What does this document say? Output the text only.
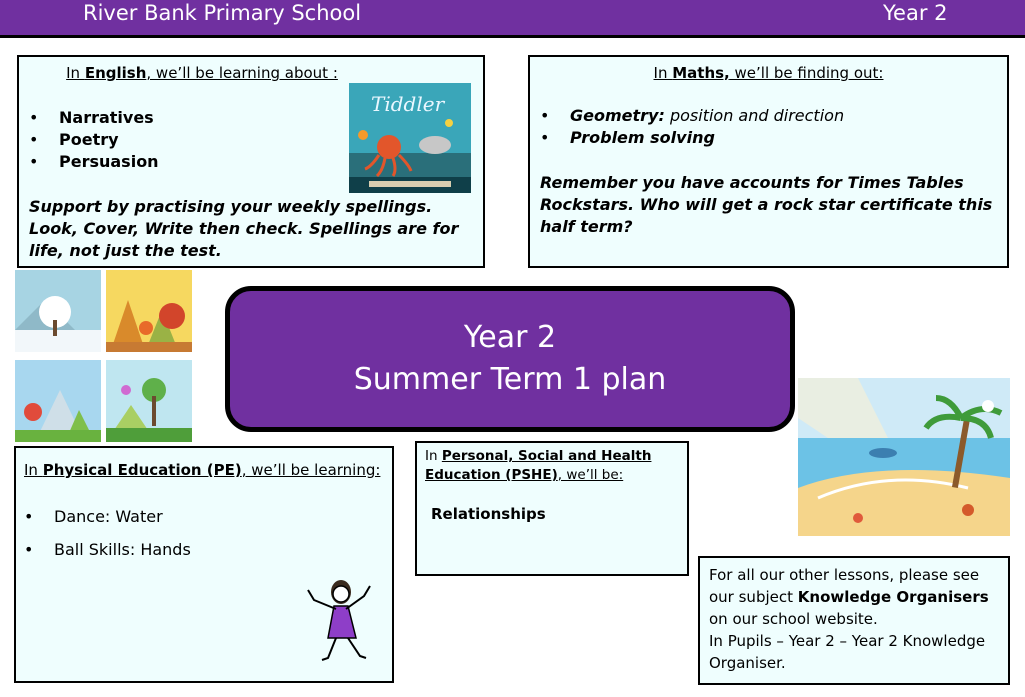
River Bank Primary School	Year 2
In English, we’ll be learning about :
• Narratives
• Poetry
• Persuasion
Tiddler
Support by practising your weekly spellings. Look, Cover, Write then check. Spellings are for life, not just the test.
In Maths, we’ll be finding out:
• Geometry: position and direction
• Problem solving
Remember you have accounts for Times Tables Rockstars. Who will get a rock star certificate this half term?
Year 2
Summer Term 1 plan
In Physical Education (PE), we’ll be learning:
• Dance: Water
• Ball Skills: Hands
In Personal, Social and Health Education (PSHE), we’ll be:
Relationships
For all our other lessons, please see our subject Knowledge Organisers on our school website.
In Pupils – Year 2 – Year 2 Knowledge Organiser.
